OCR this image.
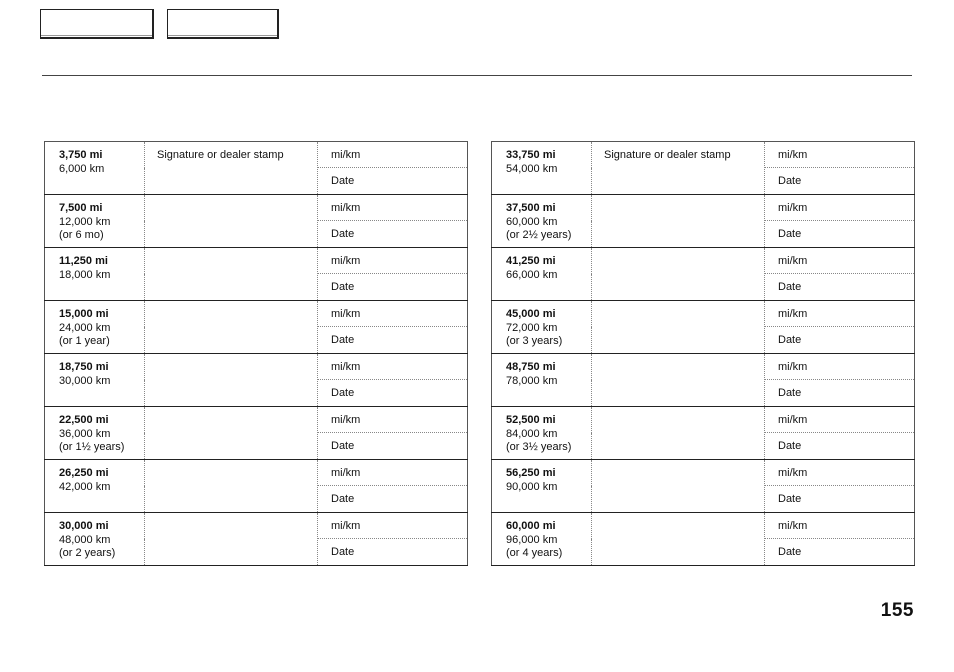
3,750 mi
6,000 km	Signature or dealer stamp	mi/km
		Date

7,500 mi
12,000 km
(or 6 mo)		mi/km
		Date

11,250 mi
18,000 km		mi/km
		Date

15,000 mi
24,000 km
(or 1 year)		mi/km
		Date

18,750 mi
30,000 km		mi/km
		Date

22,500 mi
36,000 km
(or 1½ years)		mi/km
		Date

26,250 mi
42,000 km		mi/km
		Date

30,000 mi
48,000 km
(or 2 years)		mi/km
		Date
33,750 mi
54,000 km	Signature or dealer stamp	mi/km
		Date

37,500 mi
60,000 km
(or 2½ years)		mi/km
		Date

41,250 mi
66,000 km		mi/km
		Date

45,000 mi
72,000 km
(or 3 years)		mi/km
		Date

48,750 mi
78,000 km		mi/km
		Date

52,500 mi
84,000 km
(or 3½ years)		mi/km
		Date

56,250 mi
90,000 km		mi/km
		Date

60,000 mi
96,000 km
(or 4 years)		mi/km
		Date
155
